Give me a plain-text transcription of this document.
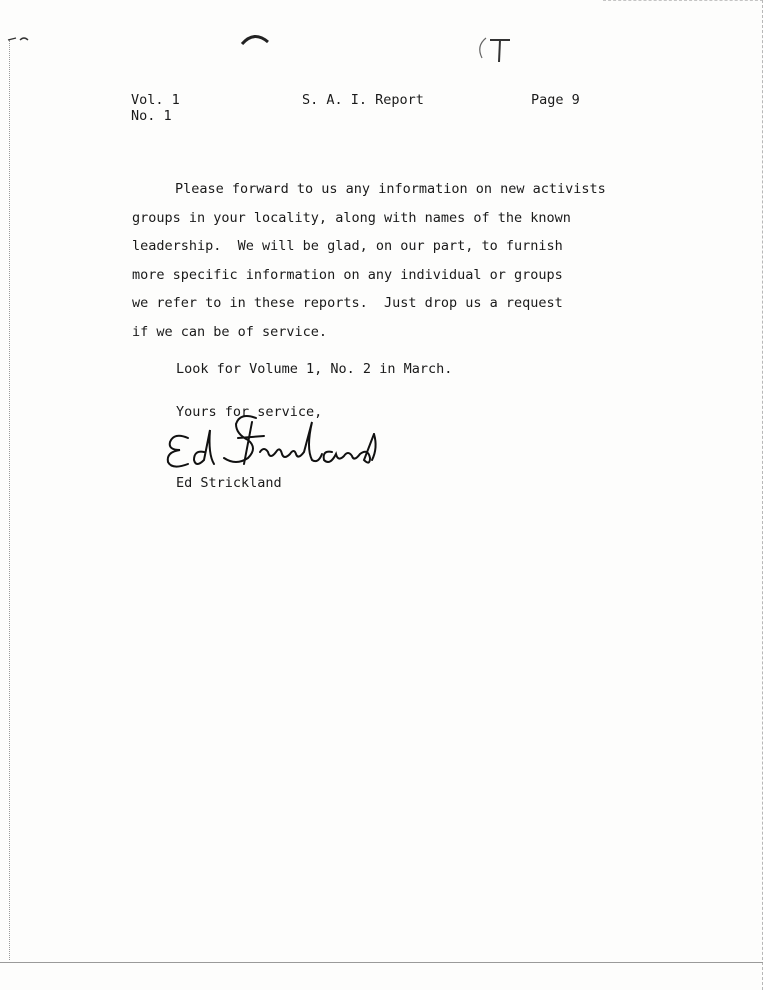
Vol. 1
No. 1
S. A. I. Report	Page 9
Please forward to us any information on new activists
groups in your locality, along with names of the known
leadership.  We will be glad, on our part, to furnish
more specific information on any individual or groups
we refer to in these reports.  Just drop us a request
if we can be of service.
Look for Volume 1, No. 2 in March.
Yours for service,
Ed Strickland
